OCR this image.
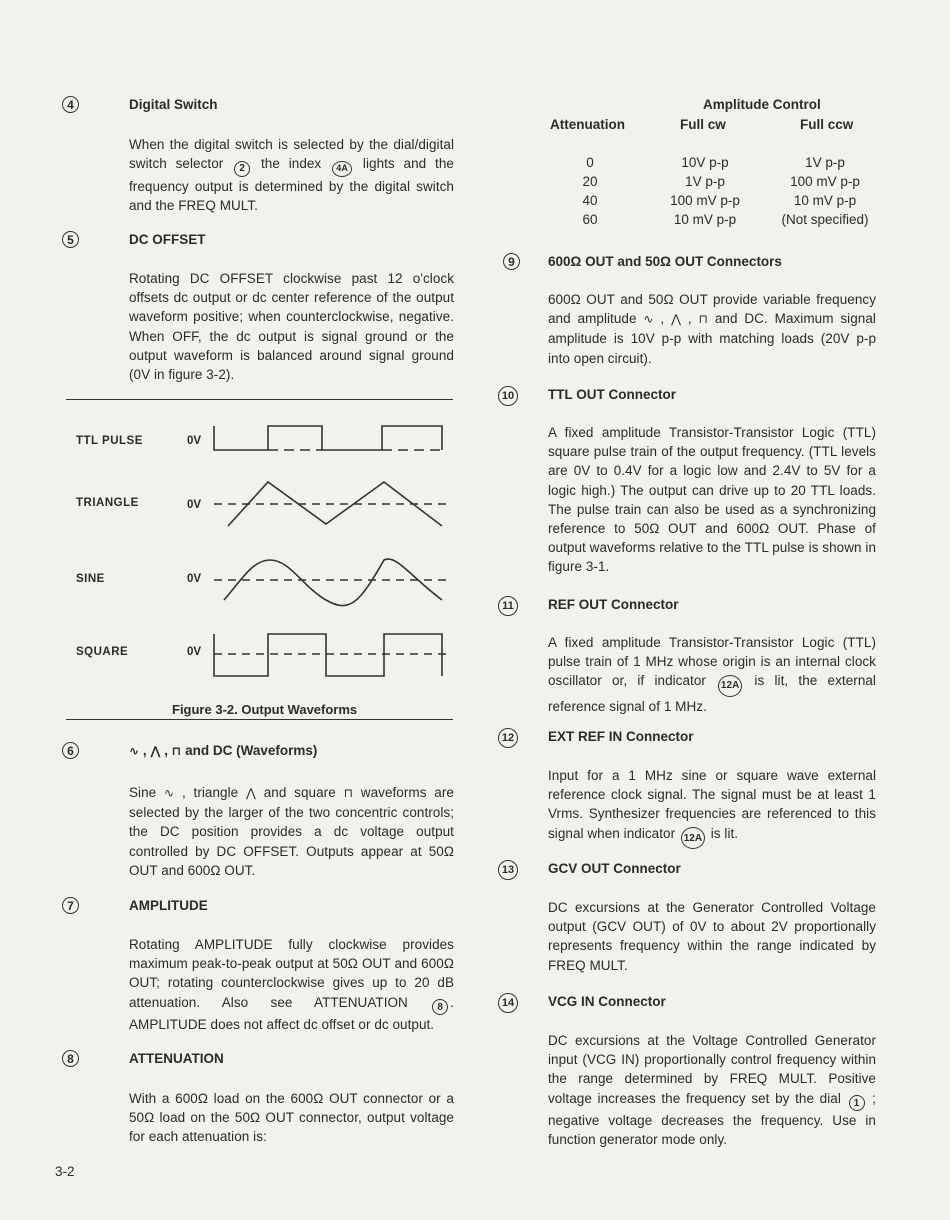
4	Digital Switch
When the digital switch is selected by the dial/digital switch selector 2 the index 4A lights and the frequency output is determined by the digital switch and the FREQ MULT.
5	DC OFFSET
Rotating DC OFFSET clockwise past 12 o'clock offsets dc output or dc center reference of the output waveform positive; when counterclockwise, negative. When OFF, the dc output is signal ground or the output waveform is balanced around signal ground (0V in figure 3-2).
TTL PULSE	0V
TRIANGLE	0V
SINE	0V
SQUARE	0V
Figure 3-2. Output Waveforms
6	∿ , ⋀ , ⊓ and DC (Waveforms)
Sine ∿ , triangle ⋀ and square ⊓ waveforms are selected by the larger of the two concentric controls; the DC position provides a dc voltage output controlled by DC OFFSET. Outputs appear at 50Ω OUT and 600Ω OUT.
7	AMPLITUDE
Rotating AMPLITUDE fully clockwise provides maximum peak-to-peak output at 50Ω OUT and 600Ω OUT; rotating counterclockwise gives up to 20 dB attenuation. Also see ATTENUATION	8 . AMPLITUDE does not affect dc offset or dc output.
8	ATTENUATION
With a 600Ω load on the 600Ω OUT connector or a 50Ω load on the 50Ω OUT connector, output voltage for each attenuation is:
Amplitude Control
Attenuation	Full cw	Full ccw
0	10V p-p	1V p-p
20	1V p-p	100 mV p-p
40	100 mV p-p	10 mV p-p
60	10 mV p-p	(Not specified)
9	600Ω OUT and 50Ω OUT Connectors
600Ω OUT and 50Ω OUT provide variable frequency and amplitude ∿ , ⋀ , ⊓ and DC. Maximum signal amplitude is 10V p-p with matching loads (20V p-p into open circuit).
10	TTL OUT Connector
A fixed amplitude Transistor-Transistor Logic (TTL) square pulse train of the output frequency. (TTL levels are 0V to 0.4V for a logic low and 2.4V to 5V for a logic high.) The output can drive up to 20 TTL loads. The pulse train can also be used as a synchronizing reference to 50Ω OUT and 600Ω OUT. Phase of output waveforms relative to the TTL pulse is shown in figure 3-1.
11	REF OUT Connector
A fixed amplitude Transistor-Transistor Logic (TTL) pulse train of 1 MHz whose origin is an internal clock oscillator or, if indicator 12A is lit, the external reference signal of 1 MHz.
12	EXT REF IN Connector
Input for a 1 MHz sine or square wave external reference clock signal. The signal must be at least 1 Vrms. Synthesizer frequencies are referenced to this signal when indicator 12A is lit.
13	GCV OUT Connector
DC excursions at the Generator Controlled Voltage output (GCV OUT) of 0V to about 2V proportionally represents frequency within the range indicated by FREQ MULT.
14	VCG IN Connector
DC excursions at the Voltage Controlled Generator input (VCG IN) proportionally control frequency within the range determined by FREQ MULT. Positive voltage increases the frequency set by the dial 1 ; negative voltage decreases the frequency. Use in function generator mode only.
3-2
